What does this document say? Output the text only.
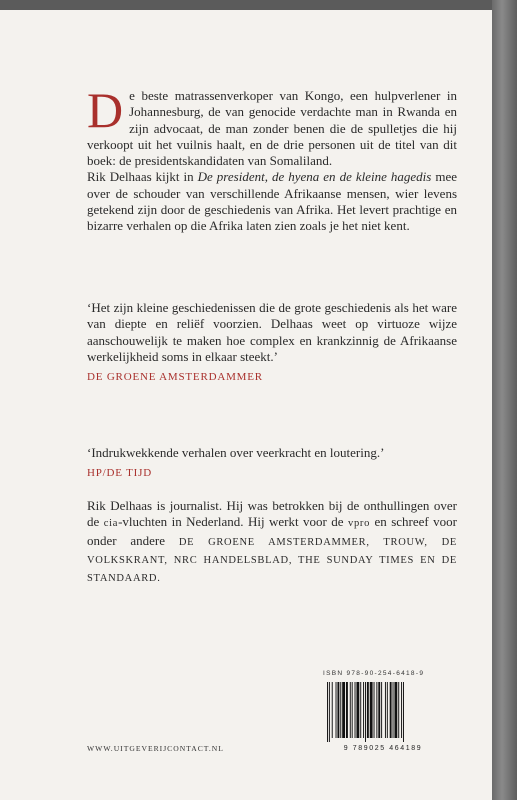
De beste matrassenverkoper van Kongo, een hulpverlener in Johannesburg, de van genocide verdachte man in Rwanda en zijn advocaat, de man zonder benen die de spulletjes die hij verkoopt uit het vuilnis haalt, en de drie personen uit de titel van dit boek: de presidentskandidaten van Somaliland.

Rik Delhaas kijkt in De president, de hyena en de kleine hagedis mee over de schouder van verschillende Afrikaanse mensen, wier levens getekend zijn door de geschiedenis van Afrika. Het levert prachtige en bizarre verhalen op die Afrika laten zien zoals je het niet kent.

‘Het zijn kleine geschiedenissen die de grote geschiedenis als het ware van diepte en reliëf voorzien. Delhaas weet op virtuoze wijze aanschouwelijk te maken hoe complex en krankzinnig de Afrikaanse werkelijkheid soms in elkaar steekt.’
DE GROENE AMSTERDAMMER
‘Indrukwekkende verhalen over veerkracht en loutering.’
HP/DE TIJD
Rik Delhaas is journalist. Hij was betrokken bij de onthullingen over de cia-vluchten in Nederland. Hij werkt voor de vpro en schreef voor onder andere DE GROENE AMSTERDAMMER, TROUW, DE VOLKSKRANT, NRC HANDELSBLAD, THE SUNDAY TIMES EN DE STANDAARD.
ISBN 978-90-254-6418-9
9 789025 464189
WWW.UITGEVERIJCONTACT.NL
